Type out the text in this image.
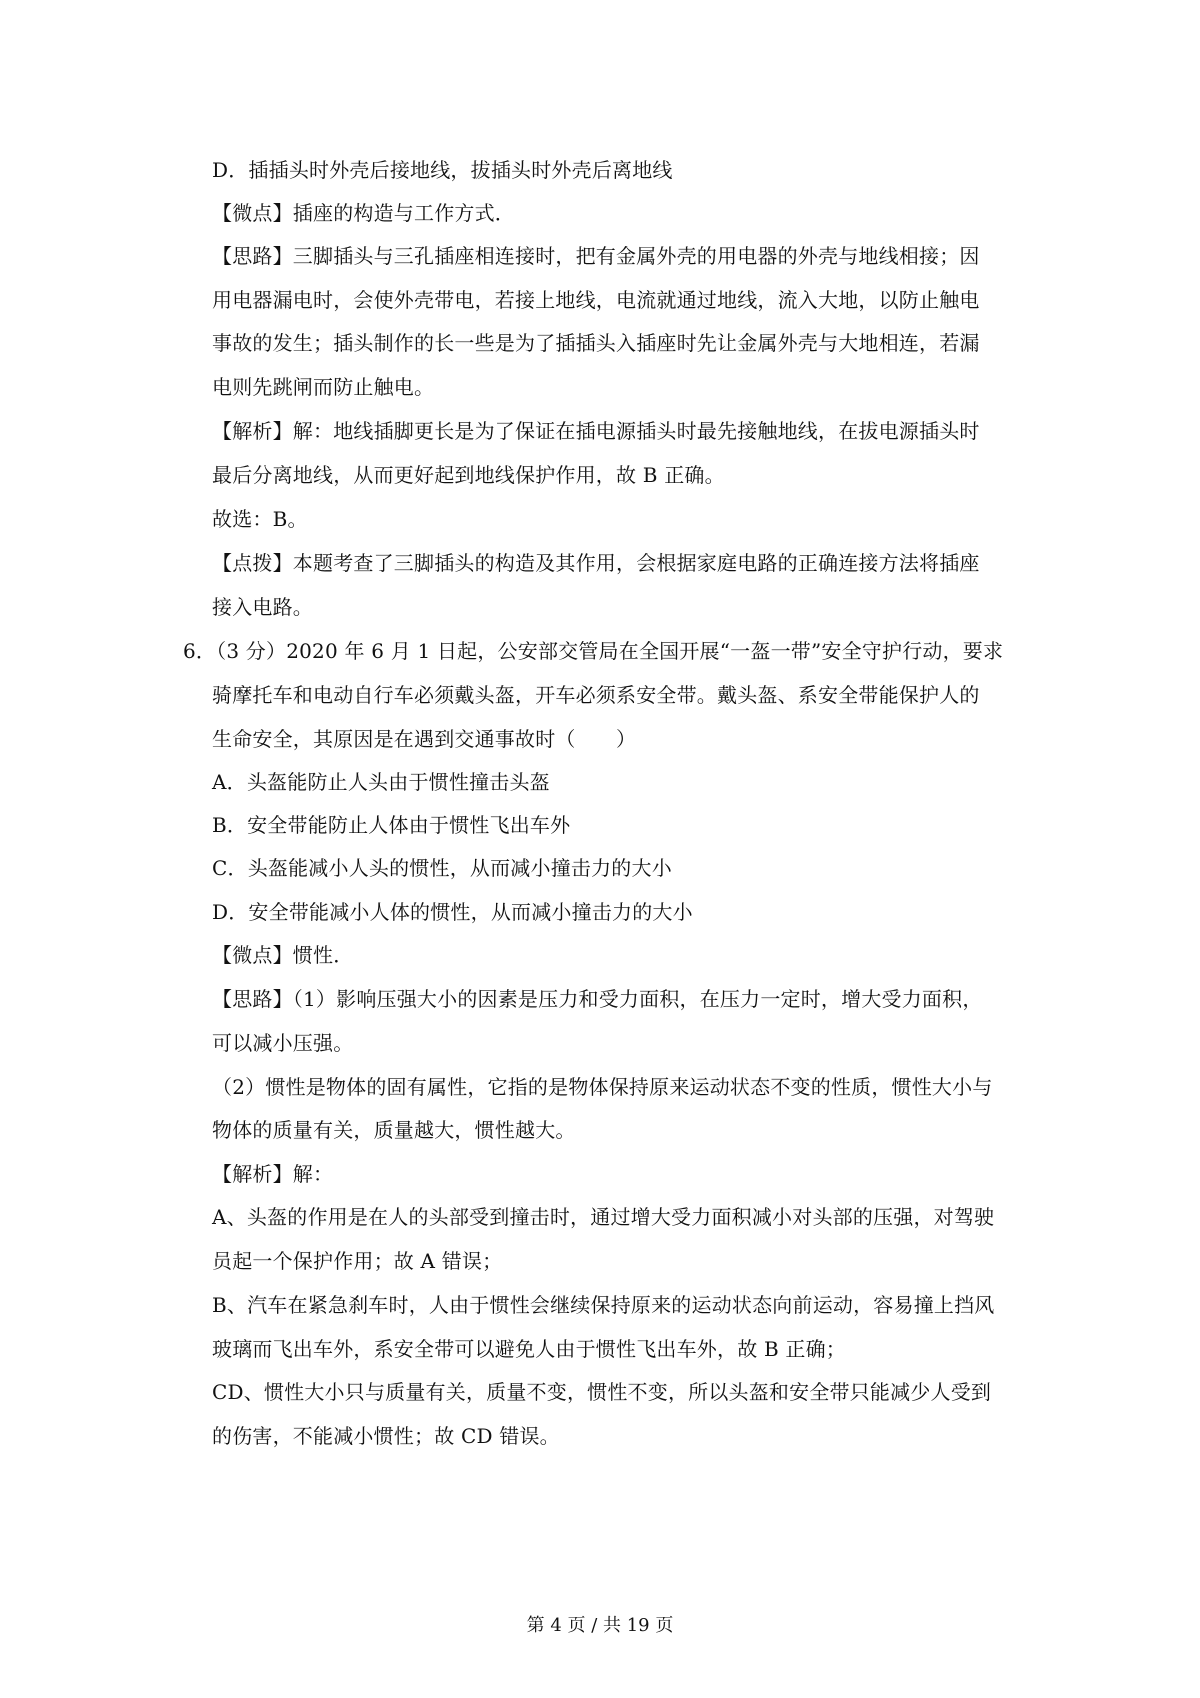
D．插插头时外壳后接地线，拔插头时外壳后离地线
【微点】插座的构造与工作方式．
【思路】三脚插头与三孔插座相连接时，把有金属外壳的用电器的外壳与地线相接；因
用电器漏电时，会使外壳带电，若接上地线，电流就通过地线，流入大地，以防止触电
事故的发生；插头制作的长一些是为了插插头入插座时先让金属外壳与大地相连，若漏
电则先跳闸而防止触电。
【解析】解：地线插脚更长是为了保证在插电源插头时最先接触地线，在拔电源插头时
最后分离地线，从而更好起到地线保护作用，故 B 正确。
故选：B。
【点拨】本题考查了三脚插头的构造及其作用，会根据家庭电路的正确连接方法将插座
接入电路。
6．（3 分）2020 年 6 月 1 日起，公安部交管局在全国开展“一盔一带”安全守护行动，要求
骑摩托车和电动自行车必须戴头盔，开车必须系安全带。戴头盔、系安全带能保护人的
生命安全，其原因是在遇到交通事故时（　　）
A．头盔能防止人头由于惯性撞击头盔
B．安全带能防止人体由于惯性飞出车外
C．头盔能减小人头的惯性，从而减小撞击力的大小
D．安全带能减小人体的惯性，从而减小撞击力的大小
【微点】惯性．
【思路】（1）影响压强大小的因素是压力和受力面积，在压力一定时，增大受力面积，
可以减小压强。
（2）惯性是物体的固有属性，它指的是物体保持原来运动状态不变的性质，惯性大小与
物体的质量有关，质量越大，惯性越大。
【解析】解：
A、头盔的作用是在人的头部受到撞击时，通过增大受力面积减小对头部的压强，对驾驶
员起一个保护作用；故 A 错误；
B、汽车在紧急刹车时，人由于惯性会继续保持原来的运动状态向前运动，容易撞上挡风
玻璃而飞出车外，系安全带可以避免人由于惯性飞出车外，故 B 正确；
CD、惯性大小只与质量有关，质量不变，惯性不变，所以头盔和安全带只能减少人受到
的伤害，不能减小惯性；故 CD 错误。
第 4 页 / 共 19 页
